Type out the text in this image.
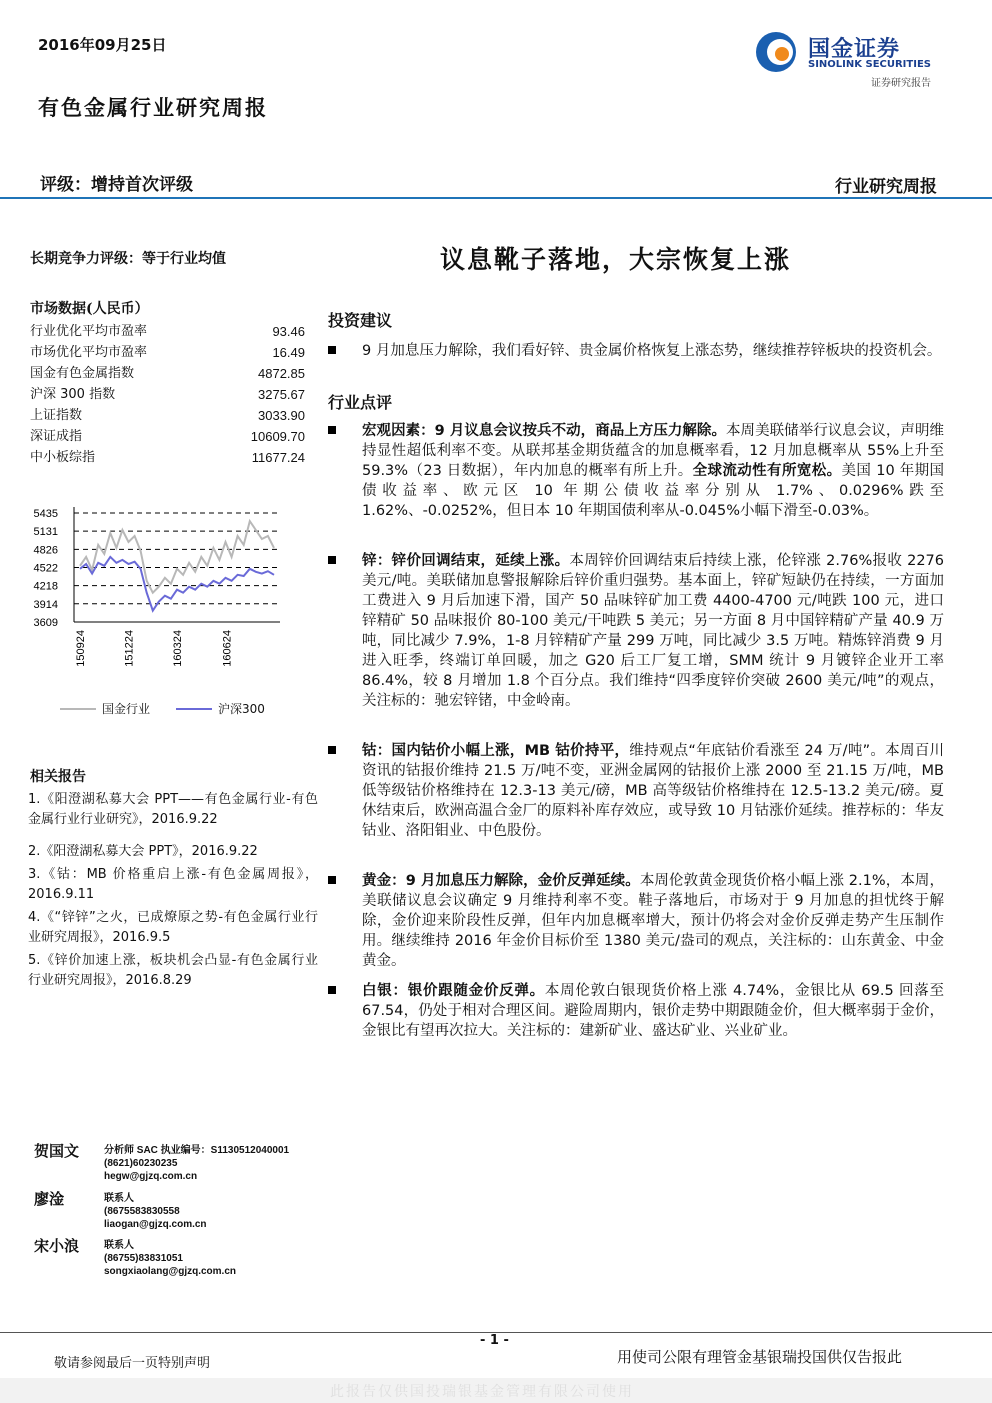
2016年09月25日	国金证券
SINOLINK SECURITIES
证券研究报告
有色金属行业研究周报
评级：增持首次评级	行业研究周报
长期竞争力评级：等于行业均值	议息靴子落地，大宗恢复上涨
市场数据(人民币）
行业优化平均市盈率	93.46
市场优化平均市盈率	16.49
国金有色金属指数	4872.85
沪深 300 指数	3275.67
上证指数	3033.90
深证成指	10609.70
中小板综指	11677.24
5435
5131
4826
4522
4218
3914
3609
150924	151224	160324	160624
国金行业	沪深300
相关报告
1.《阳澄湖私募大会 PPT——有色金属行业-有色金属行业行业研究》，2016.9.22
2.《阳澄湖私募大会 PPT》，2016.9.22
3.《钴：MB 价格重启上涨-有色金属周报》，2016.9.11
4.《“锌锌”之火，已成燎原之势-有色金属行业行业研究周报》，2016.9.5
5.《锌价加速上涨，板块机会凸显-有色金属行业行业研究周报》，2016.8.29
投资建议
9 月加息压力解除，我们看好锌、贵金属价格恢复上涨态势，继续推荐锌板块的投资机会。
行业点评
宏观因素：9 月议息会议按兵不动，商品上方压力解除。本周美联储举行议息会议，声明维持显性超低利率不变。从联邦基金期货蕴含的加息概率看，12 月加息概率从 55%上升至 59.3%（23 日数据），年内加息的概率有所上升。全球流动性有所宽松。美国 10 年期国债收益率、欧元区 10 年期公债收益率分别从 1.7%、0.0296%跌至 1.62%、-0.0252%，但日本 10 年期国债利率从-0.045%小幅下滑至-0.03%。
锌：锌价回调结束，延续上涨。本周锌价回调结束后持续上涨，伦锌涨 2.76%报收 2276 美元/吨。美联储加息警报解除后锌价重归强势。基本面上，锌矿短缺仍在持续，一方面加工费进入 9 月后加速下滑，国产 50 品味锌矿加工费 4400-4700 元/吨跌 100 元，进口锌精矿 50 品味报价 80-100 美元/干吨跌 5 美元；另一方面 8 月中国锌精矿产量 40.9 万吨，同比减少 7.9%，1-8 月锌精矿产量 299 万吨，同比减少 3.5 万吨。精炼锌消费 9 月进入旺季，终端订单回暖，加之 G20 后工厂复工增，SMM 统计 9 月镀锌企业开工率 86.4%，较 8 月增加 1.8 个百分点。我们维持“四季度锌价突破 2600 美元/吨”的观点，关注标的：驰宏锌锗，中金岭南。
钴：国内钴价小幅上涨，MB 钴价持平，维持观点“年底钴价看涨至 24 万/吨”。本周百川资讯的钴报价维持 21.5 万/吨不变，亚洲金属网的钴报价上涨 2000 至 21.15 万/吨，MB 低等级钴价格维持在 12.3-13 美元/磅，MB 高等级钴价格维持在 12.5-13.2 美元/磅。夏休结束后，欧洲高温合金厂的原料补库存效应，或导致 10 月钴涨价延续。推荐标的：华友钴业、洛阳钼业、中色股份。
黄金：9 月加息压力解除，金价反弹延续。本周伦敦黄金现货价格小幅上涨 2.1%，本周，美联储议息会议确定 9 月维持利率不变。鞋子落地后，市场对于 9 月加息的担忧终于解除，金价迎来阶段性反弹，但年内加息概率增大，预计仍将会对金价反弹走势产生压制作用。继续维持 2016 年金价目标价至 1380 美元/盎司的观点，关注标的：山东黄金、中金黄金。
白银：银价跟随金价反弹。本周伦敦白银现货价格上涨 4.74%，金银比从 69.5 回落至 67.54，仍处于相对合理区间。避险周期内，银价走势中期跟随金价，但大概率弱于金价，金银比有望再次拉大。关注标的：建新矿业、盛达矿业、兴业矿业。
贺国文 分析师 SAC 执业编号：S1130512040001
(8621)60230235
hegw@gjzq.com.cn
廖淦	联系人
(8675583830558
liaogan@gjzq.com.cn
宋小浪 联系人
(86755)83831051
songxiaolang@gjzq.com.cn
- 1 -
敬请参阅最后一页特别声明	用使司公限有理管金基银瑞投国供仅告报此
此报告仅供国投瑞银基金管理有限公司使用
